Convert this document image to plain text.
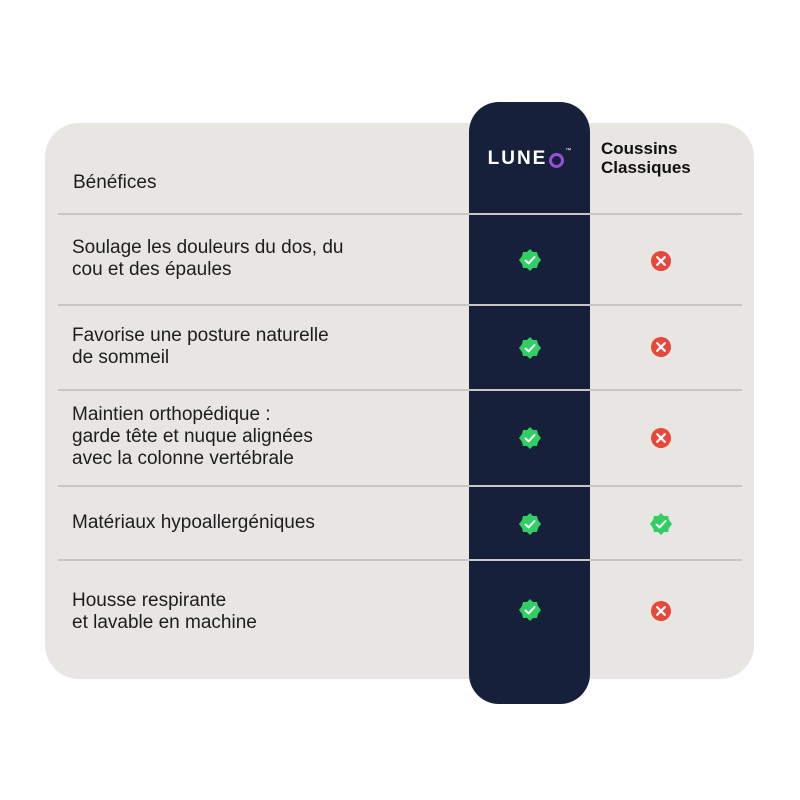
Bénéfices
LUNE	™ Coussins
Classiques
Soulage les douleurs du dos, du
cou et des épaules
Favorise une posture naturelle
de sommeil
Maintien orthopédique :
garde tête et nuque alignées
avec la colonne vertébrale
Matériaux hypoallergéniques
Housse respirante
et lavable en machine
